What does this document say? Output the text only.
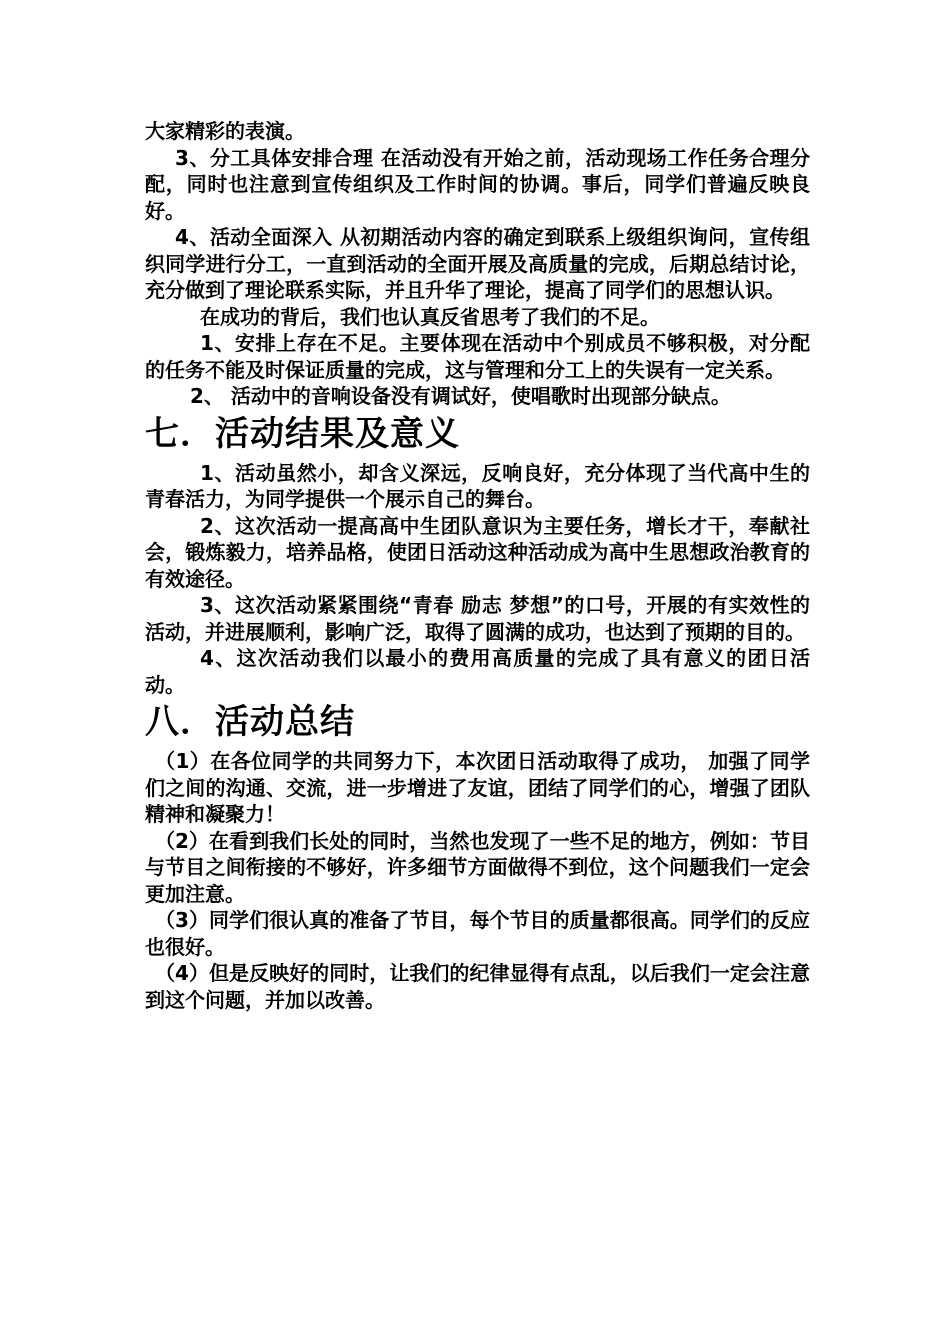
大家精彩的表演。

3、分工具体安排合理 在活动没有开始之前，活动现场工作任务合理分配，同时也注意到宣传组织及工作时间的协调。事后，同学们普遍反映良好。

4、活动全面深入 从初期活动内容的确定到联系上级组织询问，宣传组织同学进行分工，一直到活动的全面开展及高质量的完成，后期总结讨论，充分做到了理论联系实际，并且升华了理论，提高了同学们的思想认识。

在成功的背后，我们也认真反省思考了我们的不足。

1、安排上存在不足。主要体现在活动中个别成员不够积极，对分配的任务不能及时保证质量的完成，这与管理和分工上的失误有一定关系。

2、 活动中的音响设备没有调试好，使唱歌时出现部分缺点。

七．活动结果及意义

1、活动虽然小，却含义深远，反响良好，充分体现了当代高中生的青春活力，为同学提供一个展示自己的舞台。

2、这次活动一提高高中生团队意识为主要任务，增长才干，奉献社会，锻炼毅力，培养品格，使团日活动这种活动成为高中生思想政治教育的有效途径。

3、这次活动紧紧围绕“青春 励志 梦想”的口号，开展的有实效性的活动，并进展顺利，影响广泛，取得了圆满的成功，也达到了预期的目的。

4、这次活动我们以最小的费用高质量的完成了具有意义的团日活动。

八．活动总结

（1）在各位同学的共同努力下，本次团日活动取得了成功， 加强了同学们之间的沟通、交流，进一步增进了友谊，团结了同学们的心，增强了团队精神和凝聚力！

（2）在看到我们长处的同时，当然也发现了一些不足的地方，例如：节目与节目之间衔接的不够好，许多细节方面做得不到位，这个问题我们一定会更加注意。

（3）同学们很认真的准备了节目，每个节目的质量都很高。同学们的反应也很好。

（4）但是反映好的同时，让我们的纪律显得有点乱，以后我们一定会注意到这个问题，并加以改善。
